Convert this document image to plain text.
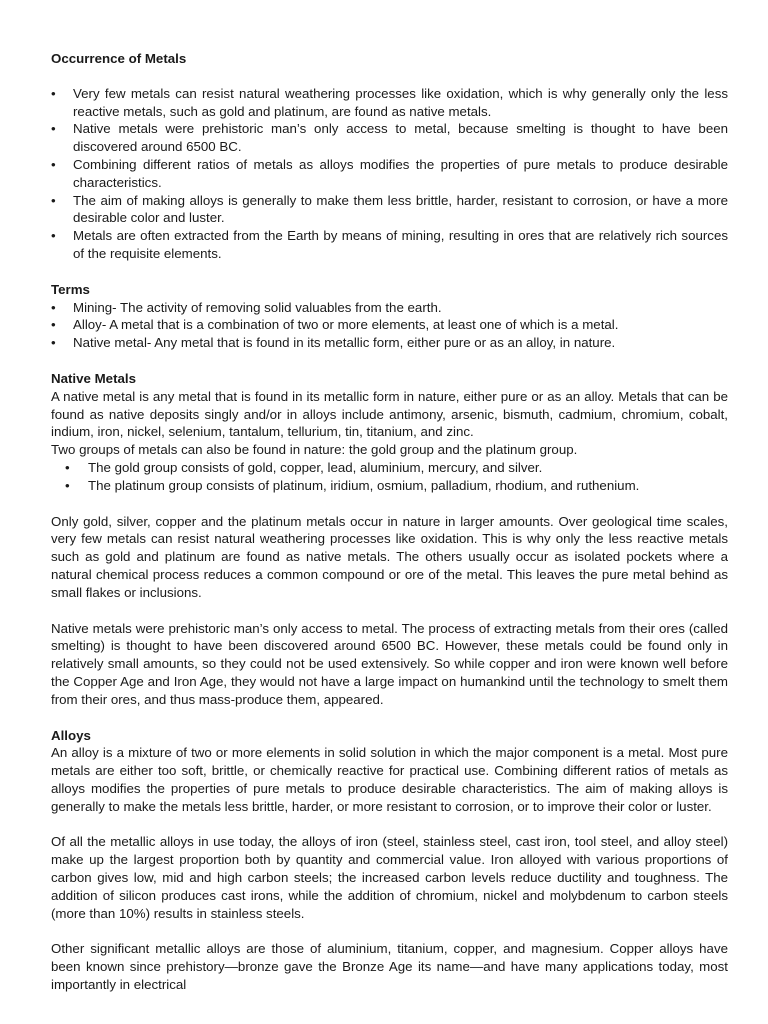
Occurrence of Metals
• Very few metals can resist natural weathering processes like oxidation, which is why generally only the less reactive metals, such as gold and platinum, are found as native metals.
• Native metals were prehistoric man’s only access to metal, because smelting is thought to have been discovered around 6500 BC.
• Combining different ratios of metals as alloys modifies the properties of pure metals to produce desirable characteristics.
• The aim of making alloys is generally to make them less brittle, harder, resistant to corrosion, or have a more desirable color and luster.
• Metals are often extracted from the Earth by means of mining, resulting in ores that are relatively rich sources of the requisite elements.
Terms
• Mining- The activity of removing solid valuables from the earth.
• Alloy- A metal that is a combination of two or more elements, at least one of which is a metal.
• Native metal- Any metal that is found in its metallic form, either pure or as an alloy, in nature.
Native Metals

A native metal is any metal that is found in its metallic form in nature, either pure or as an alloy. Metals that can be found as native deposits singly and/or in alloys include antimony, arsenic, bismuth, cadmium, chromium, cobalt, indium, iron, nickel, selenium, tantalum, tellurium, tin, titanium, and zinc.

Two groups of metals can also be found in nature: the gold group and the platinum group.

• The gold group consists of gold, copper, lead, aluminium, mercury, and silver.
• The platinum group consists of platinum, iridium, osmium, palladium, rhodium, and ruthenium.

Only gold, silver, copper and the platinum metals occur in nature in larger amounts. Over geological time scales, very few metals can resist natural weathering processes like oxidation. This is why only the less reactive metals such as gold and platinum are found as native metals. The others usually occur as isolated pockets where a natural chemical process reduces a common compound or ore of the metal. This leaves the pure metal behind as small flakes or inclusions.

Native metals were prehistoric man’s only access to metal. The process of extracting metals from their ores (called smelting) is thought to have been discovered around 6500 BC. However, these metals could be found only in relatively small amounts, so they could not be used extensively. So while copper and iron were known well before the Copper Age and Iron Age, they would not have a large impact on humankind until the technology to smelt them from their ores, and thus mass-produce them, appeared.

Alloys

An alloy is a mixture of two or more elements in solid solution in which the major component is a metal. Most pure metals are either too soft, brittle, or chemically reactive for practical use. Combining different ratios of metals as alloys modifies the properties of pure metals to produce desirable characteristics. The aim of making alloys is generally to make the metals less brittle, harder, or more resistant to corrosion, or to improve their color or luster.

Of all the metallic alloys in use today, the alloys of iron (steel, stainless steel, cast iron, tool steel, and alloy steel) make up the largest proportion both by quantity and commercial value. Iron alloyed with various proportions of carbon gives low, mid and high carbon steels; the increased carbon levels reduce ductility and toughness. The addition of silicon produces cast irons, while the addition of chromium, nickel and molybdenum to carbon steels (more than 10%) results in stainless steels.

Other significant metallic alloys are those of aluminium, titanium, copper, and magnesium. Copper alloys have been known since prehistory—bronze gave the Bronze Age its name—and have many applications today, most importantly in electrical
